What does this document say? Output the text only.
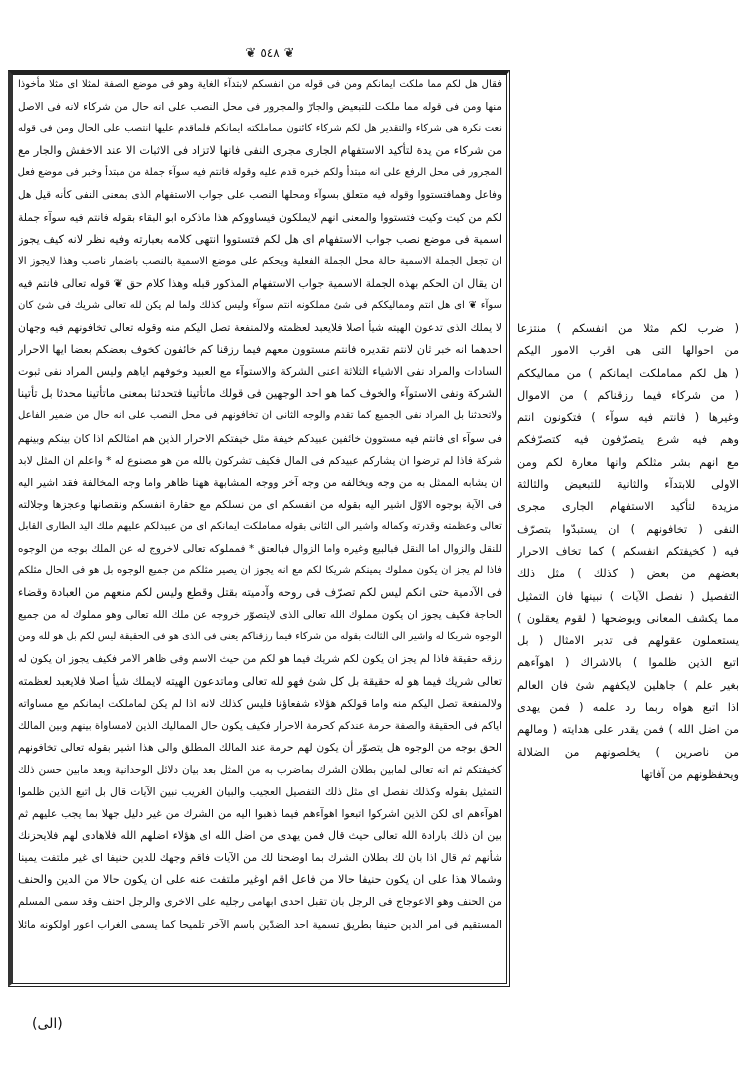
❦
٥٤٨
❦
فقال هل لكم مما ملكت ايمانكم ومن فى قوله من انفسكم لابتدآء الغاية وهو فى موضع الصفة لمثلا اى مثلا مأخوذا
منها ومن فى قوله مما ملكت للتبعيض والجارّ والمجرور فى محل النصب على انه حال من شركاء لانه فى الاصل
نعت نكرة هى شركاء والتقدير هل لكم شركاء كائنون مماملكته ايمانكم فلماقدم عليها انتصب على الحال ومن فى قوله
من شركاء من يدة لتأكيد الاستفهام الجارى مجرى النفى فانها لاتزاد فى الاثبات الا عند الاخفش والجار مع
المجرور فى محل الرفع على انه مبتدأ ولكم خبره قدم عليه وقوله فانتم فيه سوآء جملة من مبتدأ وخبر فى موضع فعل
وفاعل وهمافتستووا وقوله فيه متعلق بسوآء ومحلها النصب على جواب الاستفهام الذى بمعنى النفى كأنه قيل هل
لكم من كيت وكيت فتستووا والمعنى انهم لايملكون فيساووكم هذا ماذكره ابو البقاء بقوله فانتم فيه سوآء جملة
اسمية فى موضع نصب جواب الاستفهام اى هل لكم فتستووا انتهى كلامه بعبارته وفيه نظر لانه كيف يجوز
ان تجعل الجملة الاسمية حالة محل الجملة الفعلية ويحكم على موضع الاسمية بالنصب باضمار ناصب وهذا لايجوز الا
ان يقال ان الحكم بهذه الجملة الاسمية جواب الاستفهام المذكور قبله وهذا كلام حق ❦ قوله تعالى فانتم فيه
سوآء ❦ اى هل انتم ومماليككم فى شئ مملكونه انتم سوآء وليس كذلك ولما لم يكن لله تعالى شريك فى شئ كان
لا يملك الذى تدعون الهيته شيأ اصلا فلايعبد لعظمته ولالمنفعة تصل اليكم منه وقوله تعالى تخافونهم فيه وجهان
احدهما انه خبر ثان لانتم تقديره فانتم مستوون معهم فيما رزقنا كم خائفون كخوف بعضكم بعضا ايها الاحرار
السادات والمراد نفى الاشياء الثلاثة اعنى الشركة والاستوآء مع العبيد وخوفهم اياهم وليس المراد نفى ثبوت
الشركة ونفى الاستوآء والخوف كما هو احد الوجهين فى قولك ماتأتينا فتحدثنا بمعنى ماتأتينا محدثا بل تأتينا
ولاتحدثنا بل المراد نفى الجميع كما تقدم والوجه الثانى ان تخافونهم فى محل النصب على انه حال من ضمير الفاعل
فى سوآء اى فانتم فيه مستوون خائفين عبيدكم خيفة مثل خيفتكم الاحرار الذين هم امثالكم اذا كان بينكم وبينهم
شركة فاذا لم ترضوا ان يشاركم عبيدكم فى المال فكيف تشركون بالله من هو مصنوع له * واعلم ان المثل لابد
ان يشابه الممثل به من وجه ويخالفه من وجه آخر ووجه المشابهة ههنا ظاهر واما وجه المخالفة فقد اشير اليه
فى الآية بوجوه الاوّل اشير اليه بقوله من انفسكم اى من نسلكم مع حقارة انفسكم ونقصانها وعجزها وجلالته
تعالى وعظمته وقدرته وكماله واشير الى الثانى بقوله مماملكت ايمانكم اى من عبيدلكم عليهم ملك اليد الطارى القابل
للنقل والزوال اما النقل فبالبيع وغيره واما الزوال فبالعتق * فمملوكه تعالى لاخروج له عن الملك بوجه من الوجوه
فاذا لم يجز ان يكون مملوك يمينكم شريكا لكم مع انه يجوز ان يصير مثلكم من جميع الوجوه بل هو فى الحال مثلكم
فى الآدمية حتى انكم ليس لكم تصرّف فى روحه وآدميته بقتل وقطع وليس لكم منعهم من العبادة وقضاء
الحاجة فكيف يجوز ان يكون مملوك الله تعالى الذى لايتصوّر خروجه عن ملك الله تعالى وهو مملوك له من جميع
الوجوه شريكا له واشير الى الثالث بقوله من شركاء فيما رزقناكم يعنى فى الذى هو فى الحقيقة ليس لكم بل هو لله ومن
رزقه حقيقة فاذا لم يجز ان يكون لكم شريك فيما هو لكم من حيث الاسم وفى ظاهر الامر فكيف يجوز ان يكون له
تعالى شريك فيما هو له حقيقة بل كل شئ فهو لله تعالى وماتدعون الهيته لايملك شيأ اصلا فلايعبد لعظمته
ولالمنفعة تصل اليكم منه واما قولكم هؤلاء شفعاؤنا فليس كذلك لانه اذا لم يكن لماملكت ايمانكم مع مساواته
اياكم فى الحقيقة والصفة حرمة عندكم كحرمة الاحرار فكيف يكون حال المماليك الذين لامساواة بينهم وبين المالك
الحق بوجه من الوجوه هل يتصوّر أن يكون لهم حرمة عند المالك المطلق والى هذا اشير بقوله تعالى تخافونهم
كخيفتكم ثم انه تعالى لمابين بطلان الشرك بماضرب به من المثل بعد بيان دلائل الوحدانية وبعد مابين حسن ذلك
التمثيل بقوله وكذلك نفصل اى مثل ذلك التفصيل العجيب والبيان الغريب نبين الآيات قال بل اتبع الذين ظلموا
اهوآءهم اى لكن الذين اشركوا اتبعوا اهوآءهم فيما ذهبوا اليه من الشرك من غير دليل جهلا بما يجب عليهم ثم
بين ان ذلك بارادة الله تعالى حيث قال فمن يهدى من اضل الله اى هؤلاء اضلهم الله فلاهادى لهم فلايحزنك
شأنهم ثم قال اذا بان لك بطلان الشرك بما اوضحنا لك من الآيات فاقم وجهك للدين حنيفا اى غير ملتفت يمينا
وشمالا هذا على ان يكون حنيفا حالا من فاعل اقم اوغير ملتفت عنه على ان يكون حالا من الدين والحنف
من الحنف وهو الاعوجاج فى الرجل بان تقبل احدى ابهامى رجليه على الاخرى والرجل احنف وقد سمى المسلم
المستقيم فى امر الدين حنيفا بطريق تسمية احد الضدّين باسم الآخر تلميحا كما يسمى الغراب اعور اولكونه مائلا
( ضرب لكم مثلا من انفسكم ) منتزعا
من احوالها التى هى اقرب الامور اليكم
( هل لكم مماملكت ايمانكم ) من مماليككم
( من شركاء فيما رزقناكم ) من الاموال
وغيرها ( فانتم فيه سوآء ) فتكونون انتم
وهم فيه شرع يتصرّفون فيه كتصرّفكم
مع انهم بشر مثلكم وانها معارة لكم ومن
الاولى للابتدآء والثانية للتبعيض والثالثة
مزيدة لتأكيد الاستفهام الجارى مجرى
النفى ( تخافونهم ) ان يستبدّوا بتصرّف
فيه ( كخيفتكم انفسكم ) كما تخاف الاحرار
بعضهم من بعض ( كذلك ) مثل ذلك
التفصيل ( نفصل الآيات ) نبينها فان التمثيل
مما يكشف المعانى ويوضحها ( لقوم يعقلون )
يستعملون عقولهم فى تدبر الامثال ( بل
اتبع الذين ظلموا ) بالاشراك ( اهوآءهم
بغير علم ) جاهلين لايكفهم شئ فان العالم
اذا اتبع هواه ربما رد علمه ( فمن يهدى
من اضل الله ) فمن يقدر على هدايته ( ومالهم
من ناصرين ) يخلصونهم من الضلالة
ويحفظونهم من آفاتها
(الى)
